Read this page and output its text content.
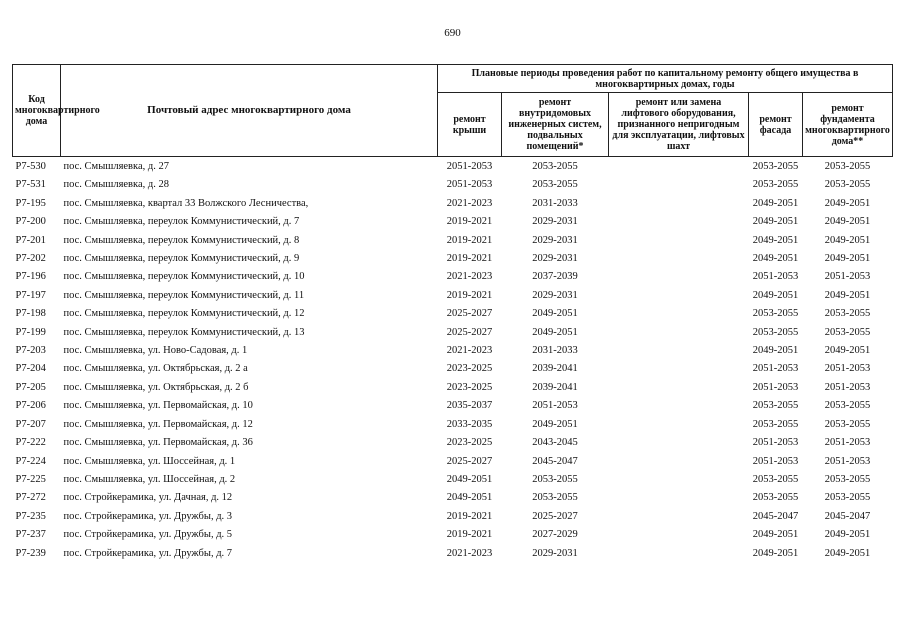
690
Код многоквартирного дома	Почтовый адрес многоквартирного дома	Плановые периоды проведения работ по капитальному ремонту общего имущества в многоквартирных домах, годы				
		ремонт крыши	ремонт внутридомовых инженерных систем, подвальных помещений*	ремонт или замена лифтового оборудования, признанного непригодным для эксплуатации, лифтовых шахт	ремонт фасада	ремонт фундамента многоквартирного дома**
Р7-530	пос. Смышляевка, д. 27	2051-2053	2053-2055		2053-2055	2053-2055
Р7-531	пос. Смышляевка, д. 28	2051-2053	2053-2055		2053-2055	2053-2055
Р7-195	пос. Смышляевка, квартал 33 Волжского Лесничества,	2021-2023	2031-2033		2049-2051	2049-2051
Р7-200	пос. Смышляевка, переулок Коммунистический, д. 7	2019-2021	2029-2031		2049-2051	2049-2051
Р7-201	пос. Смышляевка, переулок Коммунистический, д. 8	2019-2021	2029-2031		2049-2051	2049-2051
Р7-202	пос. Смышляевка, переулок Коммунистический, д. 9	2019-2021	2029-2031		2049-2051	2049-2051
Р7-196	пос. Смышляевка, переулок Коммунистический, д. 10	2021-2023	2037-2039		2051-2053	2051-2053
Р7-197	пос. Смышляевка, переулок Коммунистический, д. 11	2019-2021	2029-2031		2049-2051	2049-2051
Р7-198	пос. Смышляевка, переулок Коммунистический, д. 12	2025-2027	2049-2051		2053-2055	2053-2055
Р7-199	пос. Смышляевка, переулок Коммунистический, д. 13	2025-2027	2049-2051		2053-2055	2053-2055
Р7-203	пос. Смышляевка, ул. Ново-Садовая, д. 1	2021-2023	2031-2033		2049-2051	2049-2051
Р7-204	пос. Смышляевка, ул. Октябрьская, д. 2 а	2023-2025	2039-2041		2051-2053	2051-2053
Р7-205	пос. Смышляевка, ул. Октябрьская, д. 2 б	2023-2025	2039-2041		2051-2053	2051-2053
Р7-206	пос. Смышляевка, ул. Первомайская, д. 10	2035-2037	2051-2053		2053-2055	2053-2055
Р7-207	пос. Смышляевка, ул. Первомайская, д. 12	2033-2035	2049-2051		2053-2055	2053-2055
Р7-222	пос. Смышляевка, ул. Первомайская, д. 36	2023-2025	2043-2045		2051-2053	2051-2053
Р7-224	пос. Смышляевка, ул. Шоссейная, д. 1	2025-2027	2045-2047		2051-2053	2051-2053
Р7-225	пос. Смышляевка, ул. Шоссейная, д. 2	2049-2051	2053-2055		2053-2055	2053-2055
Р7-272	пос. Стройкерамика, ул. Дачная, д. 12	2049-2051	2053-2055		2053-2055	2053-2055
Р7-235	пос. Стройкерамика, ул. Дружбы, д. 3	2019-2021	2025-2027		2045-2047	2045-2047
Р7-237	пос. Стройкерамика, ул. Дружбы, д. 5	2019-2021	2027-2029		2049-2051	2049-2051
Р7-239	пос. Стройкерамика, ул. Дружбы, д. 7	2021-2023	2029-2031		2049-2051	2049-2051
